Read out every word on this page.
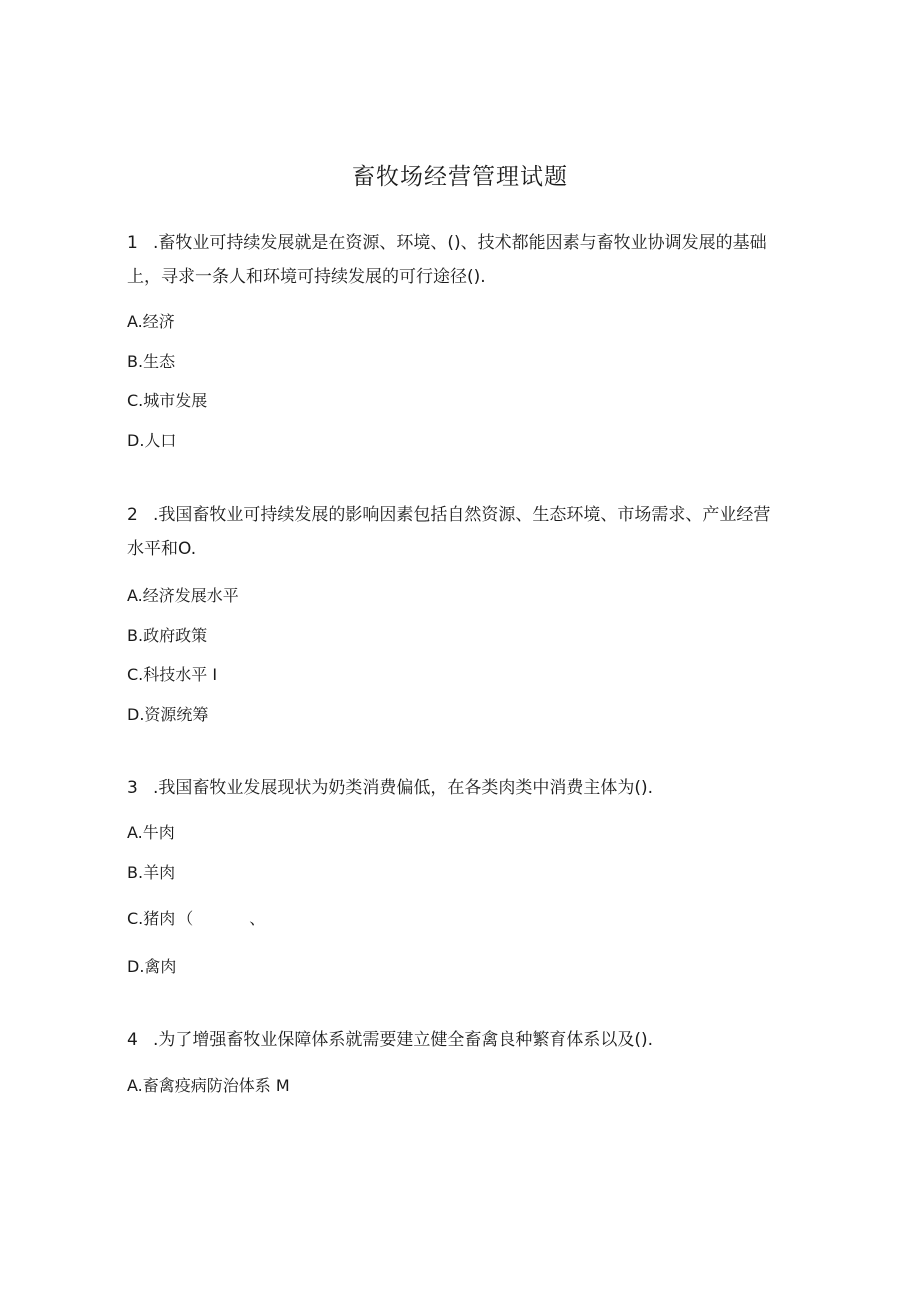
畜牧场经营管理试题
1 .畜牧业可持续发展就是在资源、环境、()、技术都能因素与畜牧业协调发展的基础上，寻求一条人和环境可持续发展的可行途径().
A.经济
B.生态
C.城市发展
D.人口
2 .我国畜牧业可持续发展的影响因素包括自然资源、生态环境、市场需求、产业经营水平和O.
A.经济发展水平
B.政府政策
C.科技水平 I
D.资源统筹
3 .我国畜牧业发展现状为奶类消费偏低，在各类肉类中消费主体为().
A.牛肉
B.羊肉
C.猪肉 （	、
D.禽肉
4 .为了增强畜牧业保障体系就需要建立健全畜禽良种繁育体系以及().
A.畜禽疫病防治体系 M
